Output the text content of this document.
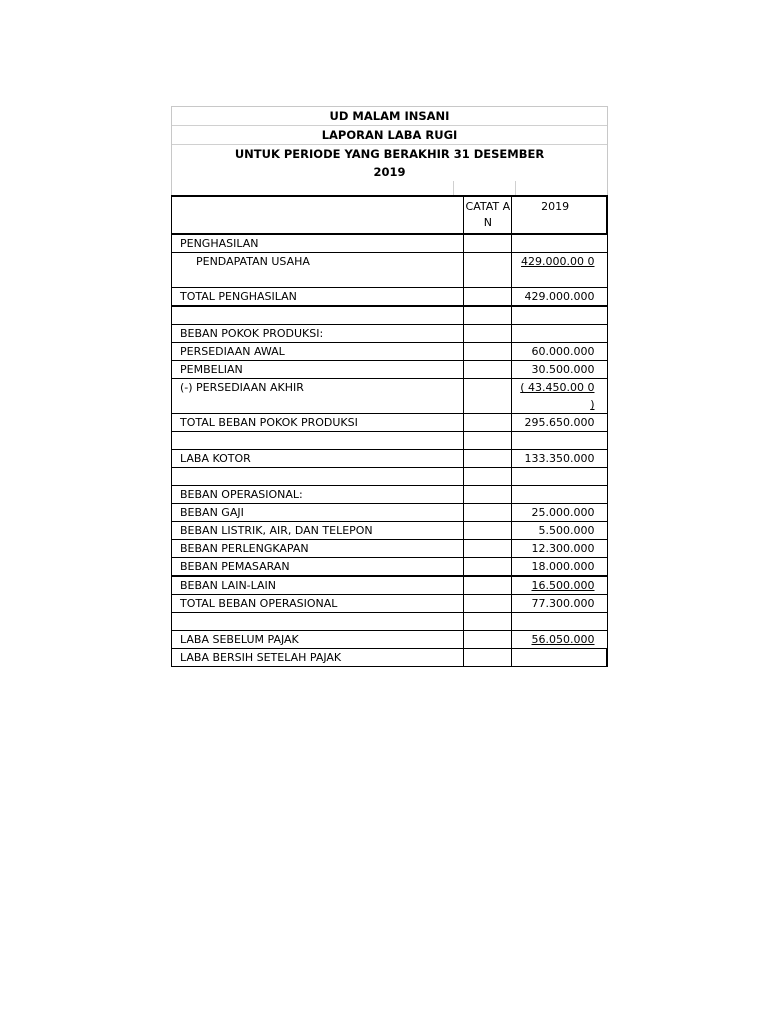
UD MALAM INSANI
LAPORAN LABA RUGI
UNTUK PERIODE YANG BERAKHIR 31 DESEMBER
2019
	CATAT AN	2019
PENGHASILAN		
PENDAPATAN USAHA		429.000.00 0
TOTAL PENGHASILAN		429.000.000

BEBAN POKOK PRODUKSI:		
PERSEDIAAN AWAL		60.000.000
PEMBELIAN		30.500.000
(-) PERSEDIAAN AKHIR		( 43.450.00 0 )
TOTAL BEBAN POKOK PRODUKSI		295.650.000

LABA KOTOR		133.350.000

BEBAN OPERASIONAL:		
BEBAN GAJI		25.000.000
BEBAN LISTRIK, AIR, DAN TELEPON		5.500.000
BEBAN PERLENGKAPAN		12.300.000
BEBAN PEMASARAN		18.000.000
BEBAN LAIN-LAIN		16.500.000
TOTAL BEBAN OPERASIONAL		77.300.000

LABA SEBELUM PAJAK		56.050.000
LABA BERSIH SETELAH PAJAK		
